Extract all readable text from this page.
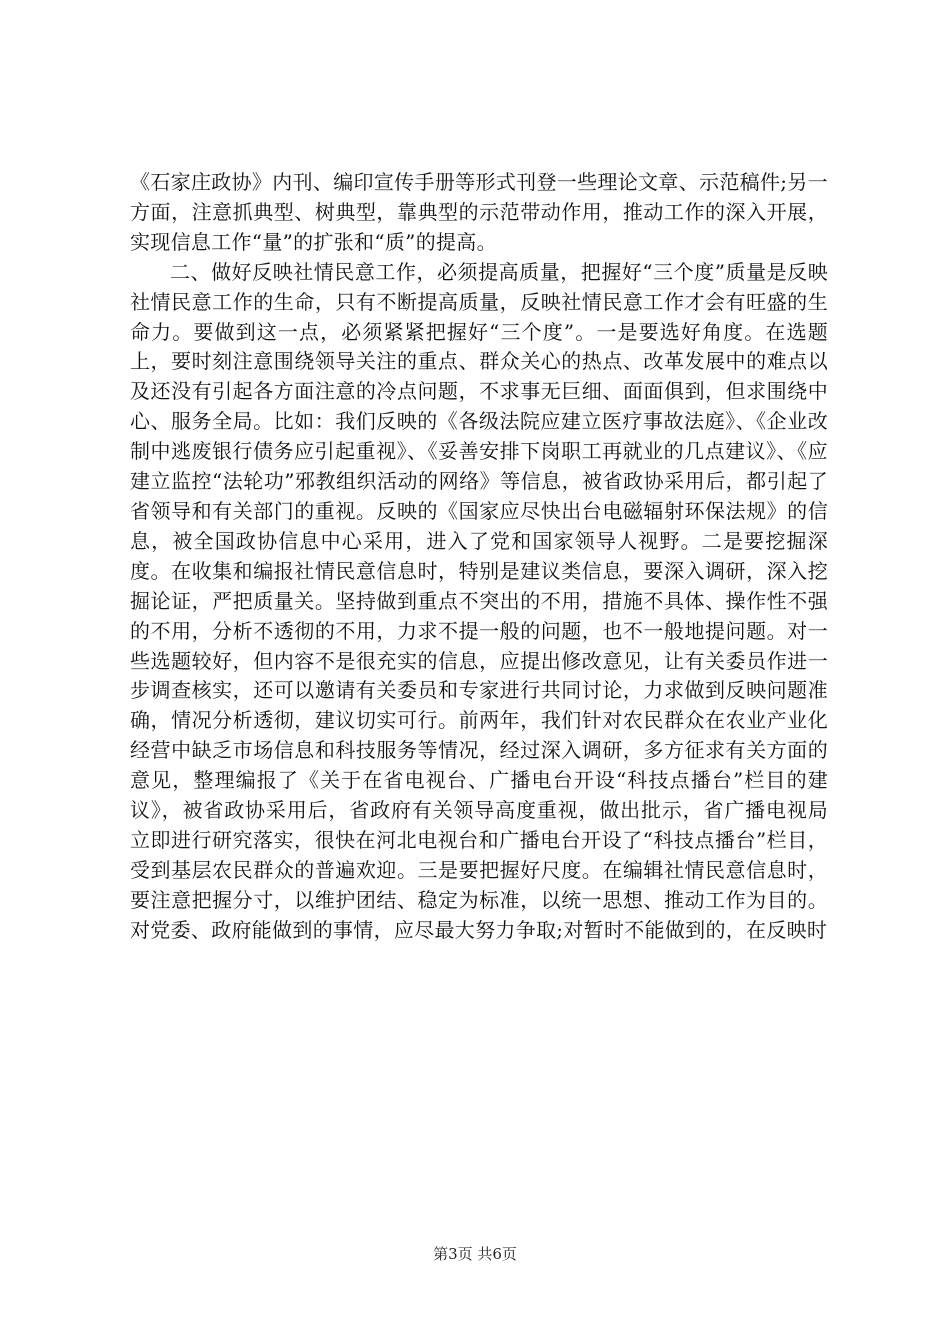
《石家庄政协》内刊、编印宣传手册等形式刊登一些理论文章、示范稿件;另一方面，注意抓典型、树典型，靠典型的示范带动作用，推动工作的深入开展，实现信息工作“量”的扩张和“质”的提高。

二、做好反映社情民意工作，必须提高质量，把握好“三个度”质量是反映社情民意工作的生命，只有不断提高质量，反映社情民意工作才会有旺盛的生命力。要做到这一点，必须紧紧把握好“三个度”。一是要选好角度。在选题上，要时刻注意围绕领导关注的重点、群众关心的热点、改革发展中的难点以及还没有引起各方面注意的冷点问题，不求事无巨细、面面俱到，但求围绕中心、服务全局。比如：我们反映的《各级法院应建立医疗事故法庭》、《企业改制中逃废银行债务应引起重视》、《妥善安排下岗职工再就业的几点建议》、《应建立监控“法轮功”邪教组织活动的网络》等信息，被省政协采用后，都引起了省领导和有关部门的重视。反映的《国家应尽快出台电磁辐射环保法规》的信息，被全国政协信息中心采用，进入了党和国家领导人视野。二是要挖掘深度。在收集和编报社情民意信息时，特别是建议类信息，要深入调研，深入挖掘论证，严把质量关。坚持做到重点不突出的不用，措施不具体、操作性不强的不用，分析不透彻的不用，力求不提一般的问题，也不一般地提问题。对一些选题较好，但内容不是很充实的信息，应提出修改意见，让有关委员作进一步调查核实，还可以邀请有关委员和专家进行共同讨论，力求做到反映问题准确，情况分析透彻，建议切实可行。前两年，我们针对农民群众在农业产业化经营中缺乏市场信息和科技服务等情况，经过深入调研，多方征求有关方面的意见，整理编报了《关于在省电视台、广播电台开设“科技点播台”栏目的建议》，被省政协采用后，省政府有关领导高度重视，做出批示，省广播电视局立即进行研究落实，很快在河北电视台和广播电台开设了“科技点播台”栏目，受到基层农民群众的普遍欢迎。三是要把握好尺度。在编辑社情民意信息时，要注意把握分寸，以维护团结、稳定为标准，以统一思想、推动工作为目的。对党委、政府能做到的事情，应尽最大努力争取;对暂时不能做到的，在反映时

第3页 共6页
